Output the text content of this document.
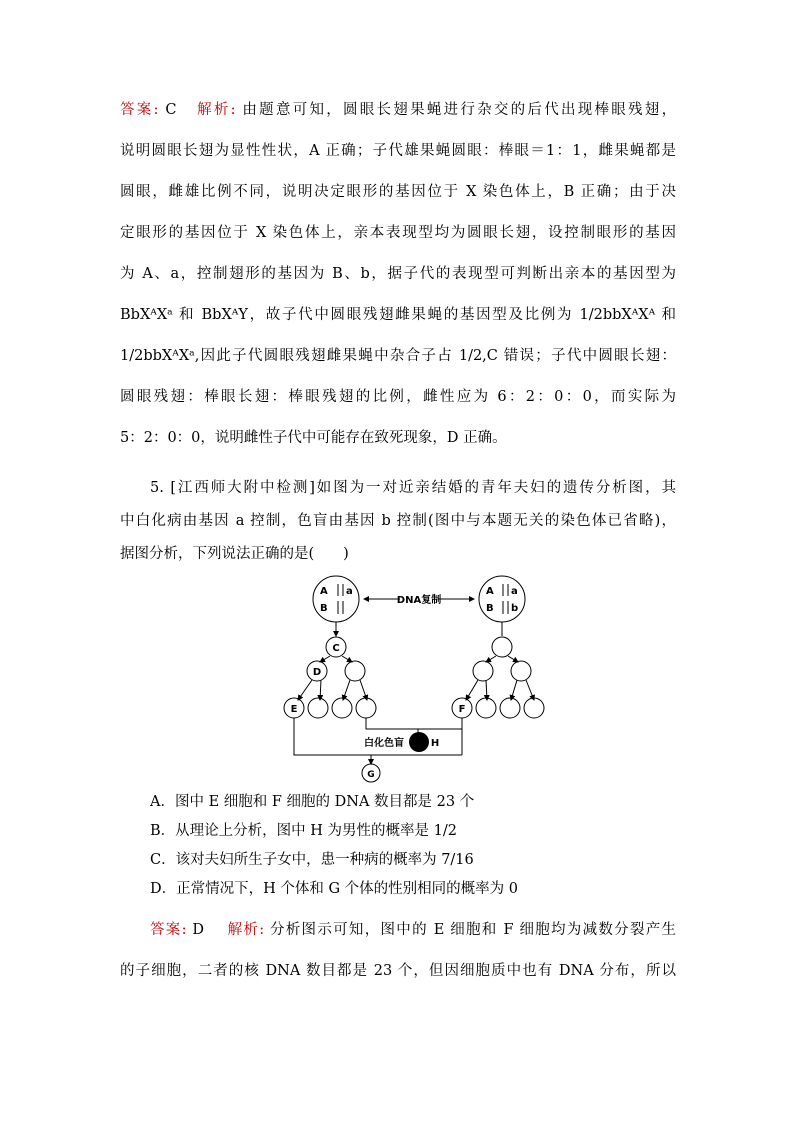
答案: C 解析: 由题意可知，圆眼长翅果蝇进行杂交的后代出现棒眼残翅，
说明圆眼长翅为显性性状，A 正确；子代雄果蝇圆眼：棒眼＝1：1，雌果蝇都是
圆眼，雌雄比例不同，说明决定眼形的基因位于 X 染色体上，B 正确；由于决
定眼形的基因位于 X 染色体上，亲本表现型均为圆眼长翅，设控制眼形的基因
为 A、a，控制翅形的基因为 B、b，据子代的表现型可判断出亲本的基因型为
BbXᴬXᵃ 和 BbXᴬY，故子代中圆眼残翅雌果蝇的基因型及比例为 1/2bbXᴬXᴬ 和
1/2bbXᴬXᵃ,因此子代圆眼残翅雌果蝇中杂合子占 1/2,C 错误；子代中圆眼长翅：
圆眼残翅：棒眼长翅：棒眼残翅的比例，雌性应为 6：2：0：0，而实际为
5：2：0：0，说明雌性子代中可能存在致死现象，D 正确。
5. [江西师大附中检测]如图为一对近亲结婚的青年夫妇的遗传分析图，其
中白化病由基因 a 控制，色盲由基因 b 控制(图中与本题无关的染色体已省略)，
据图分析，下列说法正确的是(　　)
A a
B
A a
B b
DNA复制
C
D
E	F
G
H
白化色盲
A．图中 E 细胞和 F 细胞的 DNA 数目都是 23 个
B．从理论上分析，图中 H 为男性的概率是 1/2
C．该对夫妇所生子女中，患一种病的概率为 7/16
D．正常情况下，H 个体和 G 个体的性别相同的概率为 0
答案: D 解析: 分析图示可知，图中的 E 细胞和 F 细胞均为减数分裂产生
的子细胞，二者的核 DNA 数目都是 23 个，但因细胞质中也有 DNA 分布，所以
